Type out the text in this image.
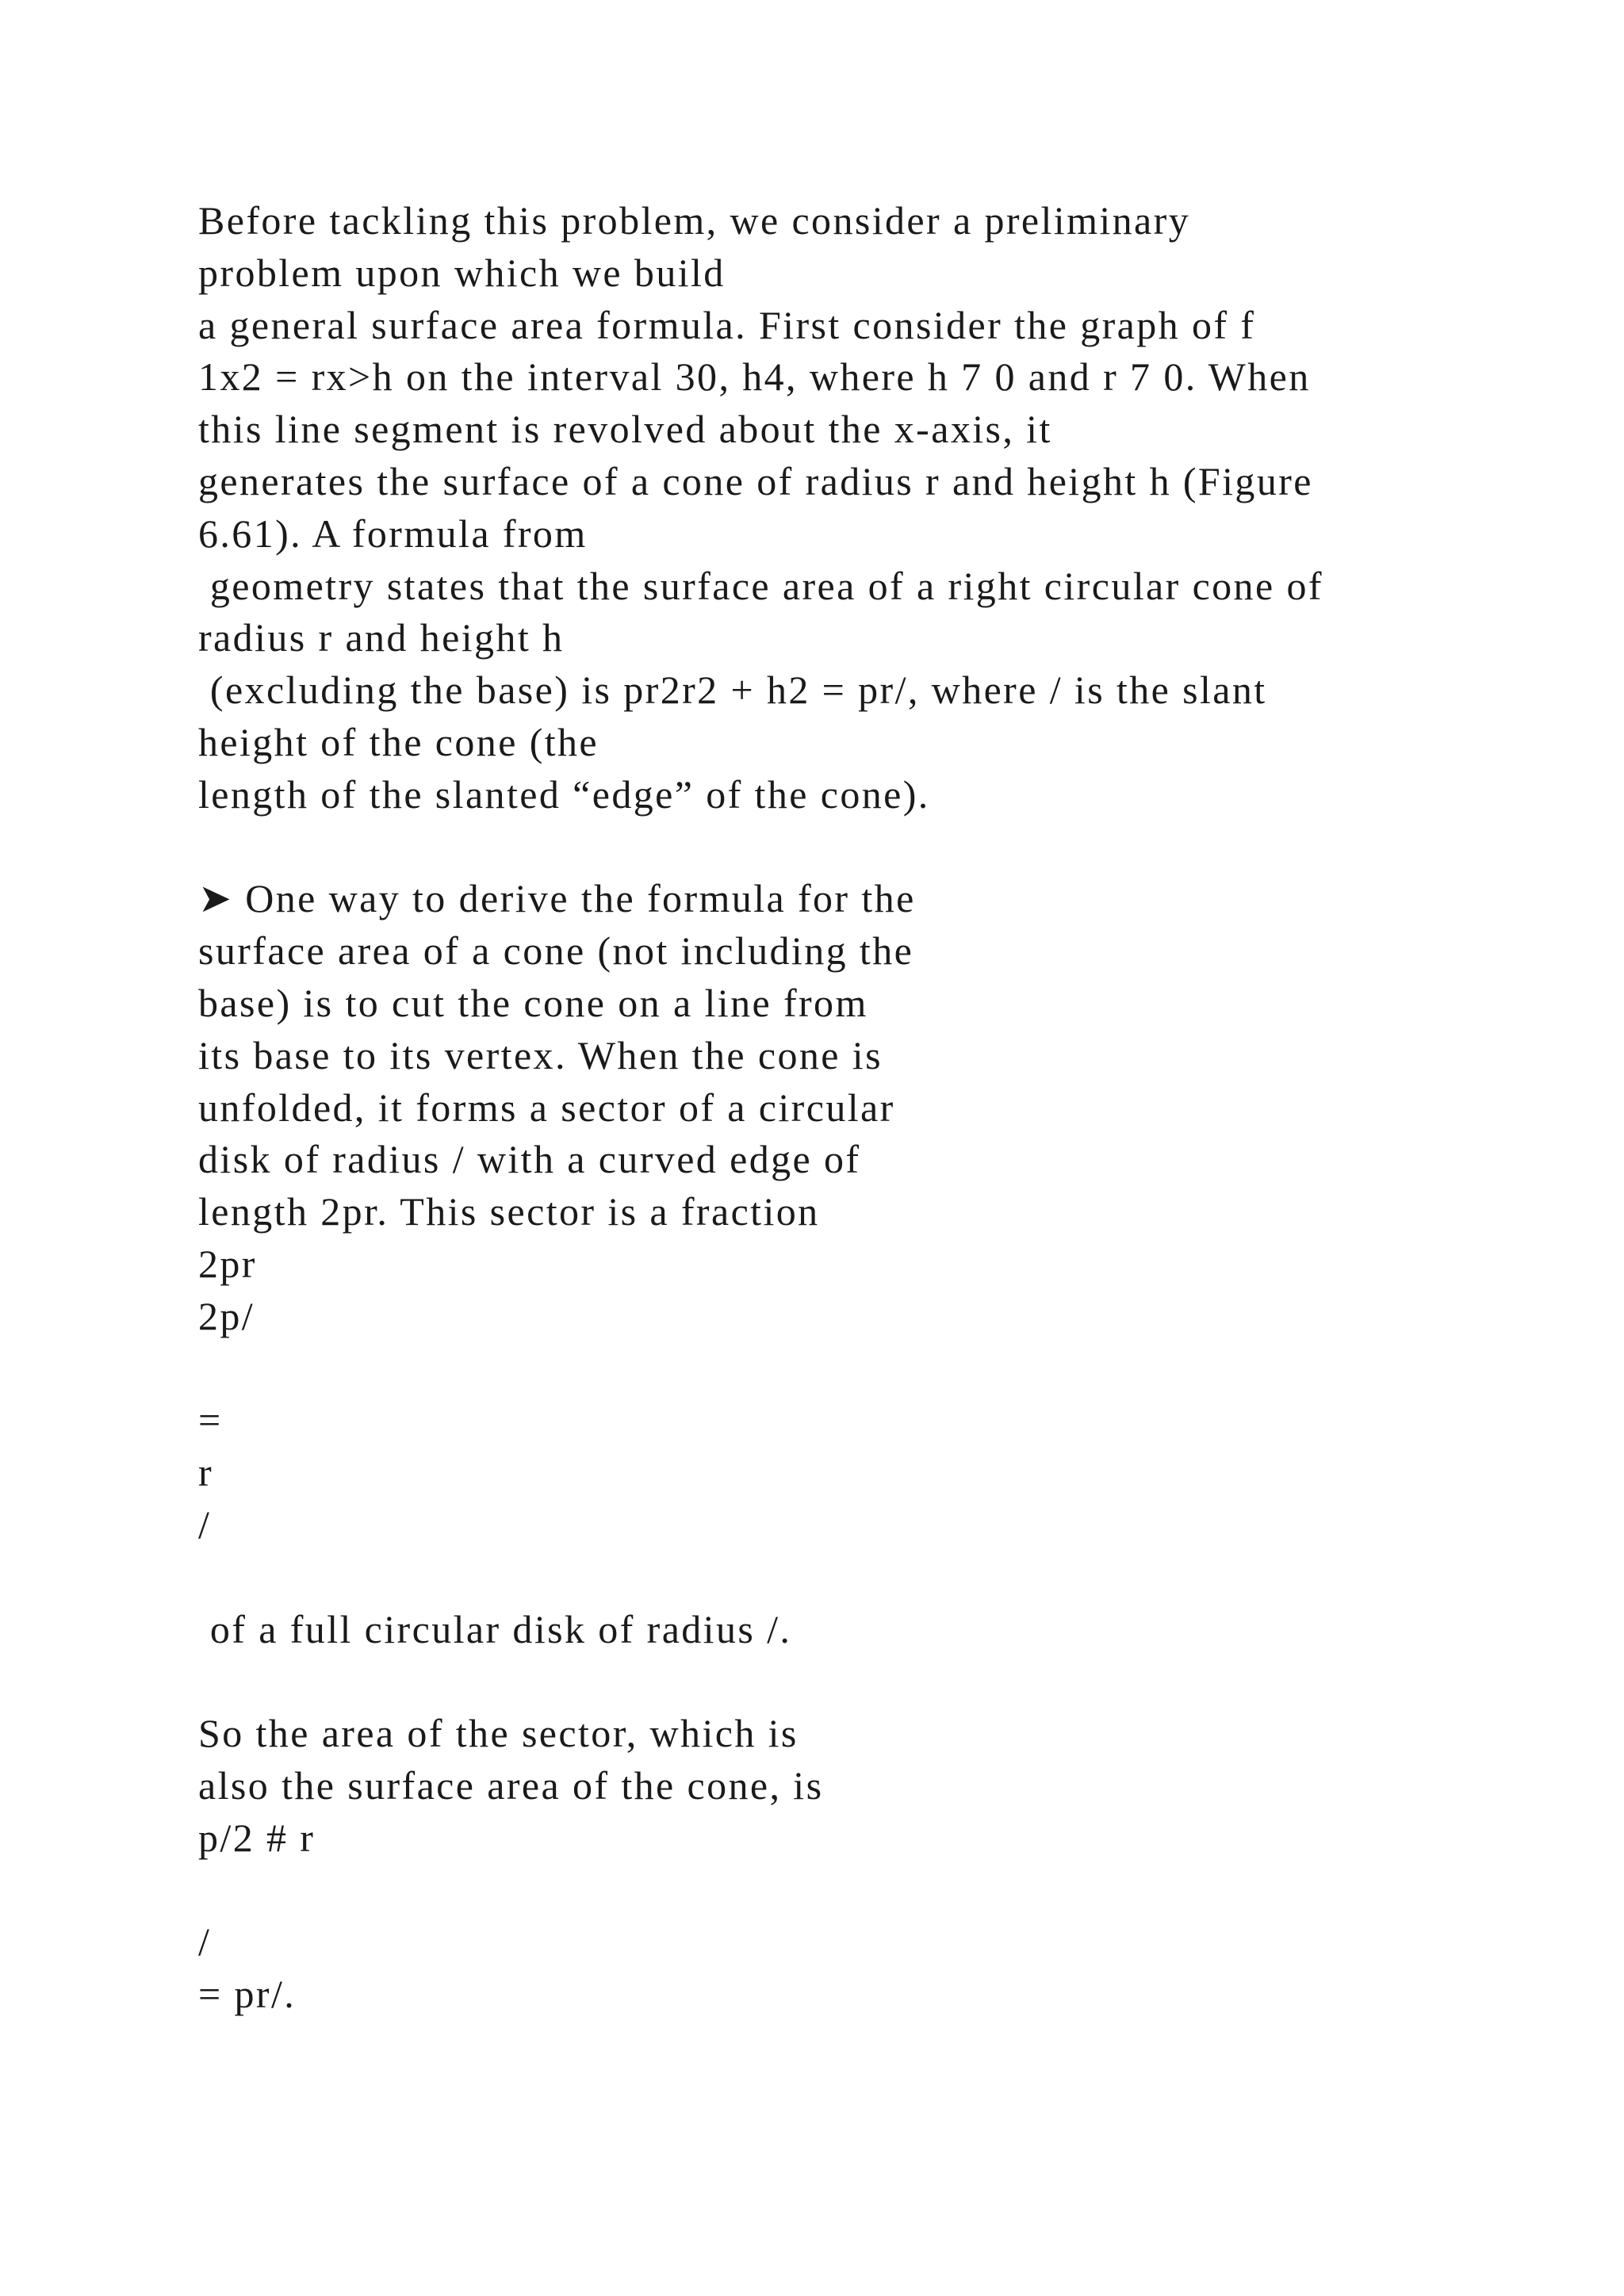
Before tackling this problem, we consider a preliminary
problem upon which we build
a general surface area formula. First consider the graph of f
1x2 = rx>h on the interval 30, h4, where h 7 0 and r 7 0. When
this line segment is revolved about the x-axis, it
generates the surface of a cone of radius r and height h (Figure
6.61). A formula from
geometry states that the surface area of a right circular cone of
radius r and height h
(excluding the base) is pr2r2 + h2 = pr/, where / is the slant
height of the cone (the
length of the slanted “edge” of the cone).
➤ One way to derive the formula for the
surface area of a cone (not including the
base) is to cut the cone on a line from
its base to its vertex. When the cone is
unfolded, it forms a sector of a circular
disk of radius / with a curved edge of
length 2pr. This sector is a fraction
2pr
2p/
=
r
/
of a full circular disk of radius /.
So the area of the sector, which is
also the surface area of the cone, is
p/2 # r
/
= pr/.
